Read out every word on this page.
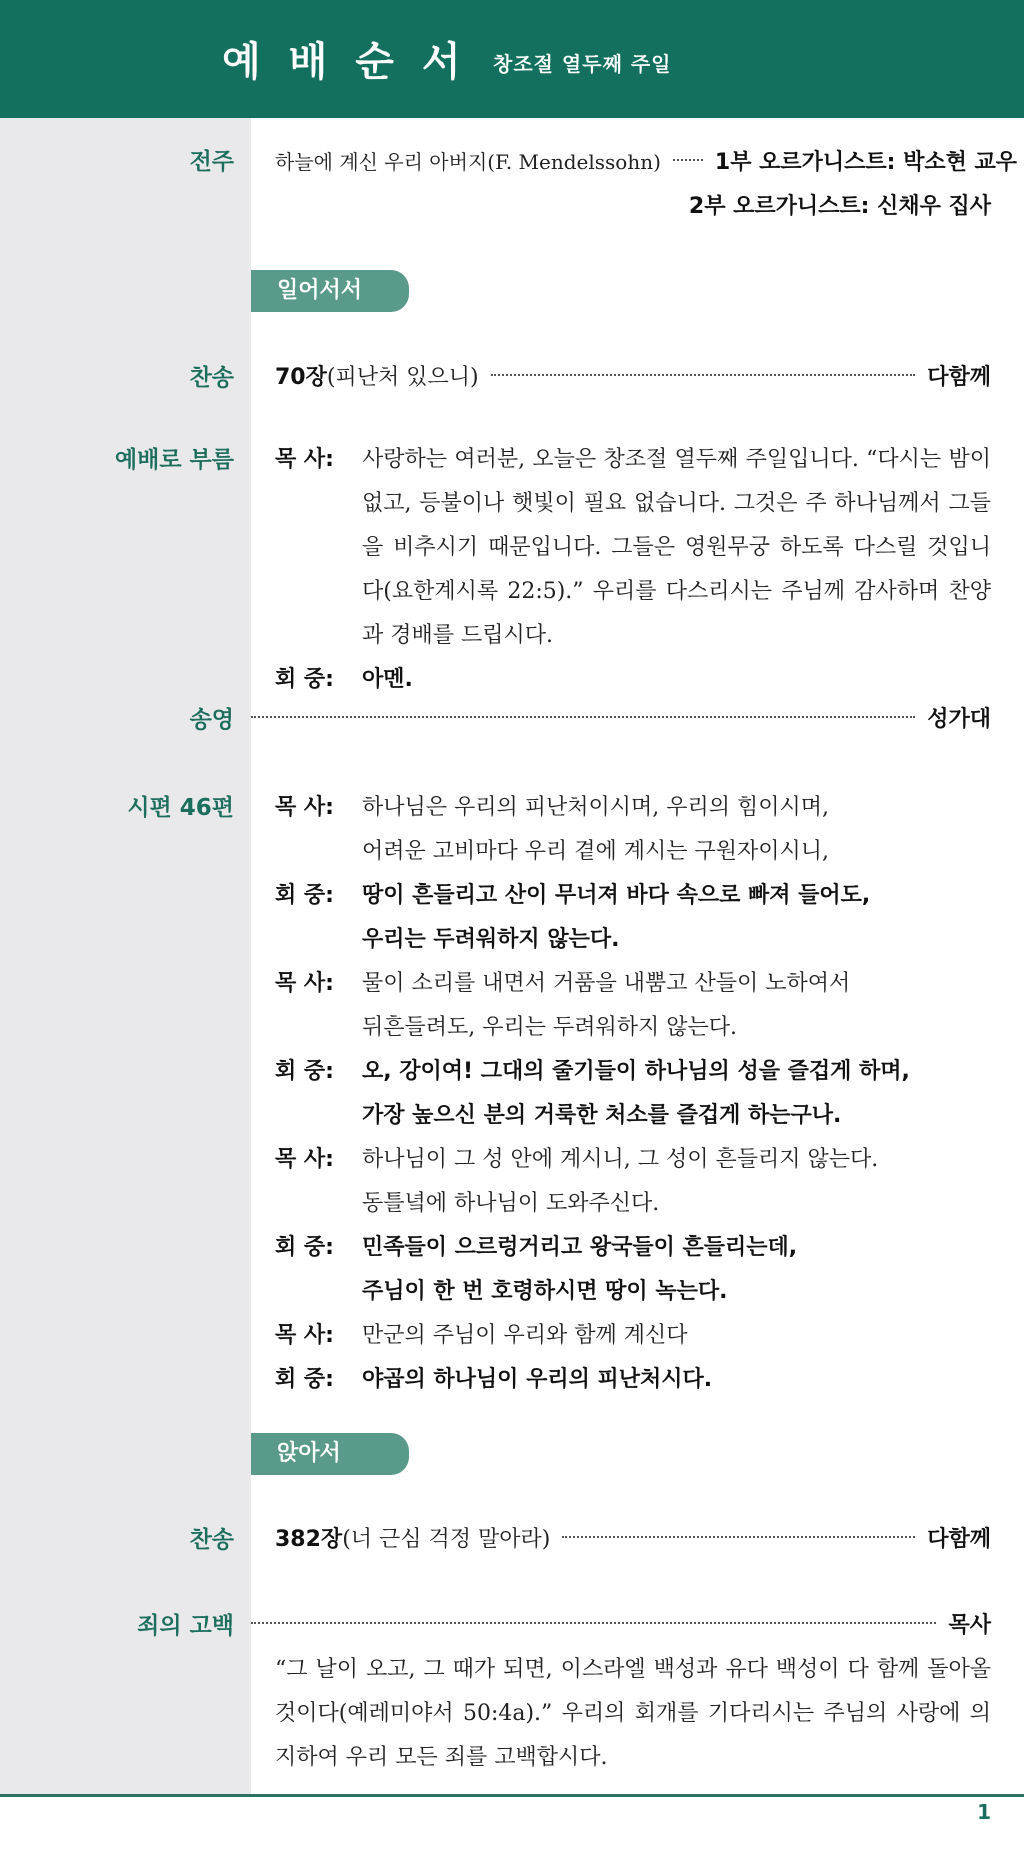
예배순서 창조절 열두째 주일
전주 하늘에 계신 우리 아버지(F. Mendelssohn) 1부 오르가니스트: 박소현 교우
2부 오르가니스트: 신채우 집사
일어서서
찬송 70장 (피난처 있으니)	다함께
예배로 부름 목 사:	사랑하는 여러분, 오늘은 창조절 열두째 주일입니다. “다시는 밤이 없고, 등불이나 햇빛이 필요 없습니다. 그것은 주 하나님께서 그들을 비추시기 때문입니다. 그들은 영원무궁 하도록 다스릴 것입니다(요한계시록 22:5).” 우리를 다스리시는 주님께 감사하며 찬양과 경배를 드립시다.
회 중:	아멘.
송영	성가대
시편 46편 목 사:	하나님은 우리의 피난처이시며, 우리의 힘이시며,
어려운 고비마다 우리 곁에 계시는 구원자이시니,
회 중:	땅이 흔들리고 산이 무너져 바다 속으로 빠져 들어도,
우리는 두려워하지 않는다.
목 사:	물이 소리를 내면서 거품을 내뿜고 산들이 노하여서
뒤흔들려도, 우리는 두려워하지 않는다.
회 중:	오, 강이여! 그대의 줄기들이 하나님의 성을 즐겁게 하며,
가장 높으신 분의 거룩한 처소를 즐겁게 하는구나.
목 사:	하나님이 그 성 안에 계시니, 그 성이 흔들리지 않는다.
동틀녘에 하나님이 도와주신다.
회 중:	민족들이 으르렁거리고 왕국들이 흔들리는데,
주님이 한 번 호령하시면 땅이 녹는다.
목 사:	만군의 주님이 우리와 함께 계신다
회 중:	야곱의 하나님이 우리의 피난처시다.
앉아서
찬송 382장 (너 근심 걱정 말아라)	다함께
죄의 고백	목사
“그 날이 오고, 그 때가 되면, 이스라엘 백성과 유다 백성이 다 함께 돌아올 것이다(예레미야서 50:4a).” 우리의 회개를 기다리시는 주님의 사랑에 의지하여 우리 모든 죄를 고백합시다.
1
